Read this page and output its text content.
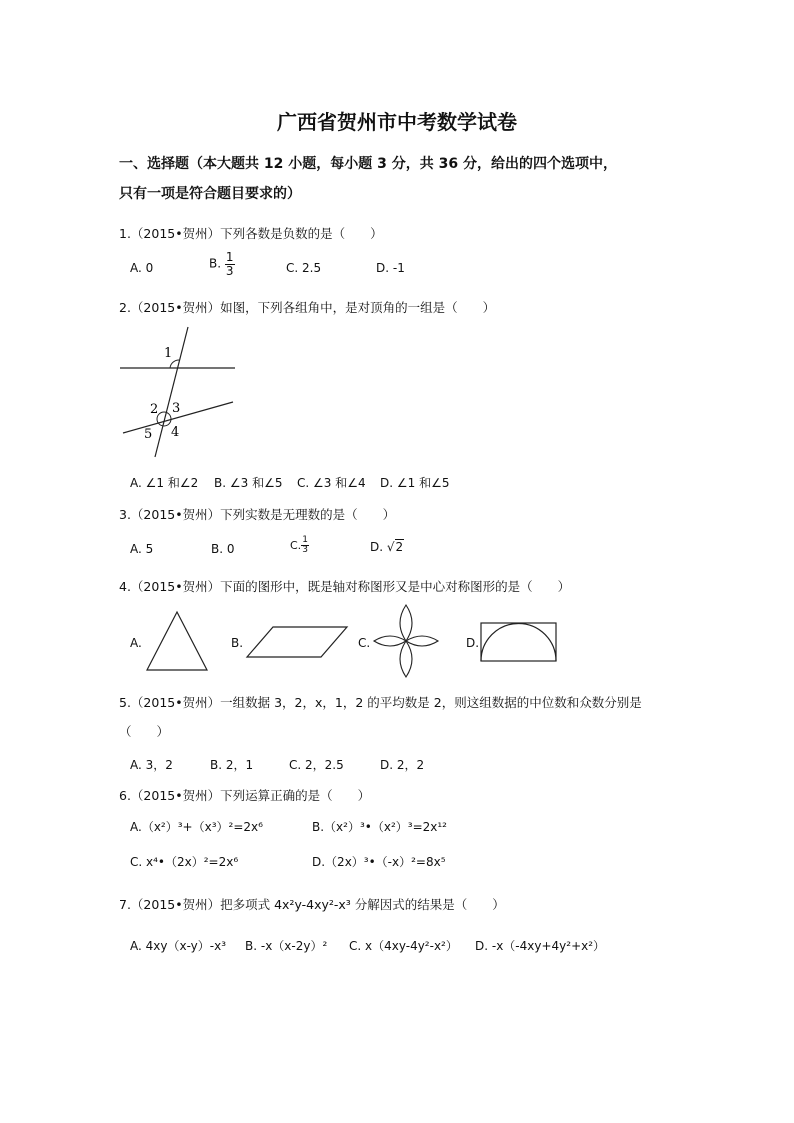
广西省贺州市中考数学试卷
一、选择题（本大题共 12 小题，每小题 3 分，共 36 分，给出的四个选项中，
只有一项是符合题目要求的）
1.（2015•贺州）下列各数是负数的是（　　）
A. 0	B. $\frac{1}{3}$	C. 2.5	D. -1
2.（2015•贺州）如图，下列各组角中，是对顶角的一组是（　　）
1
2 3
4
5
A. ∠1 和∠2 B. ∠3 和∠5 C. ∠3 和∠4 D. ∠1 和∠5
3.（2015•贺州）下列实数是无理数的是（　　）
A. 5	B. 0	C. $\frac{1}{3}$	D. √2
4.（2015•贺州）下面的图形中，既是轴对称图形又是中心对称图形的是（　　）
A.	B.	C.	D.
5.（2015•贺州）一组数据 3，2，x，1，2 的平均数是 2，则这组数据的中位数和众数分别是
（　　）
A. 3，2	B. 2，1	C. 2，2.5	D. 2，2
6.（2015•贺州）下列运算正确的是（　　）
A.（x²）³+（x³）²=2x⁶	B.（x²）³•（x²）³=2x¹²
C. x⁴•（2x）²=2x⁶	D.（2x）³•（-x）²=8x⁵
7.（2015•贺州）把多项式 4x²y-4xy²-x³ 分解因式的结果是（　　）
A. 4xy（x-y）-x³ B. -x（x-2y）² C. x（4xy-4y²-x²） D. -x（-4xy+4y²+x²）
